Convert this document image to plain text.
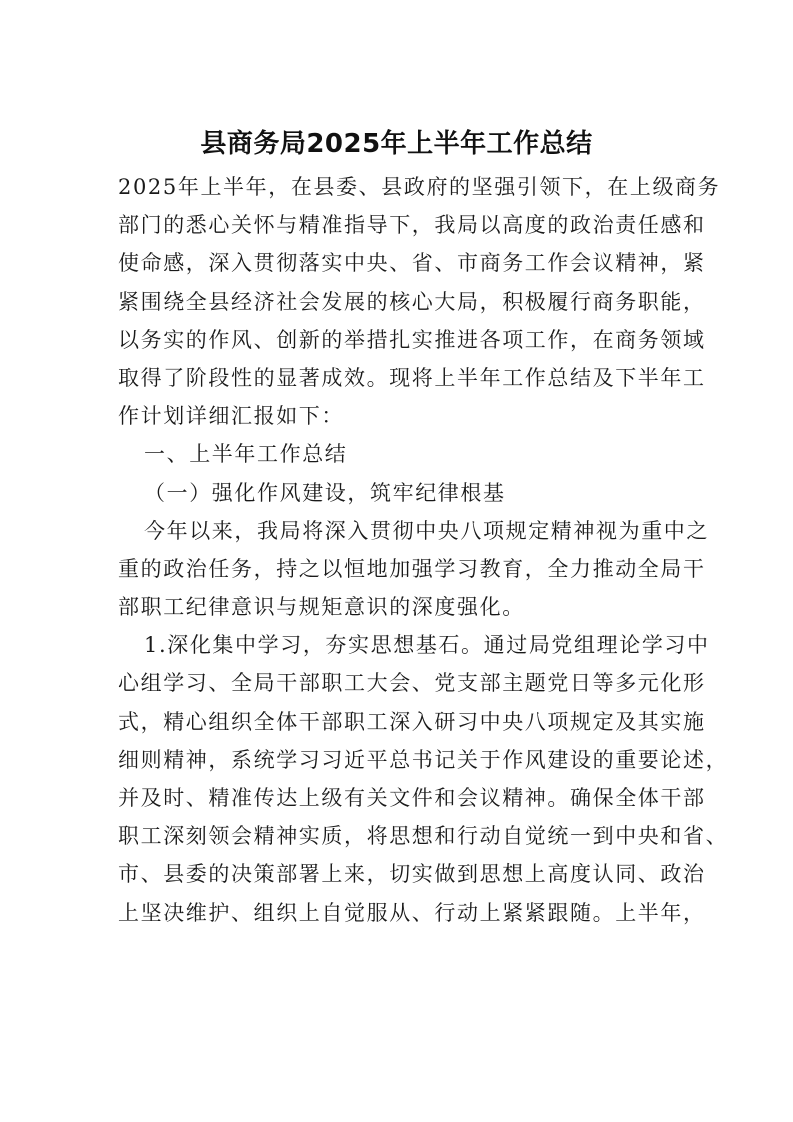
县商务局2025年上半年工作总结
2025年上半年，在县委、县政府的坚强引领下，在上级商务
部门的悉心关怀与精准指导下，我局以高度的政治责任感和
使命感，深入贯彻落实中央、省、市商务工作会议精神，紧
紧围绕全县经济社会发展的核心大局，积极履行商务职能，
以务实的作风、创新的举措扎实推进各项工作，在商务领域
取得了阶段性的显著成效。现将上半年工作总结及下半年工
作计划详细汇报如下：
一、上半年工作总结
（一）强化作风建设，筑牢纪律根基
今年以来，我局将深入贯彻中央八项规定精神视为重中之
重的政治任务，持之以恒地加强学习教育，全力推动全局干
部职工纪律意识与规矩意识的深度强化。
1.深化集中学习，夯实思想基石。通过局党组理论学习中
心组学习、全局干部职工大会、党支部主题党日等多元化形
式，精心组织全体干部职工深入研习中央八项规定及其实施
细则精神，系统学习习近平总书记关于作风建设的重要论述，
并及时、精准传达上级有关文件和会议精神。确保全体干部
职工深刻领会精神实质，将思想和行动自觉统一到中央和省、
市、县委的决策部署上来，切实做到思想上高度认同、政治
上坚决维护、组织上自觉服从、行动上紧紧跟随。上半年，
